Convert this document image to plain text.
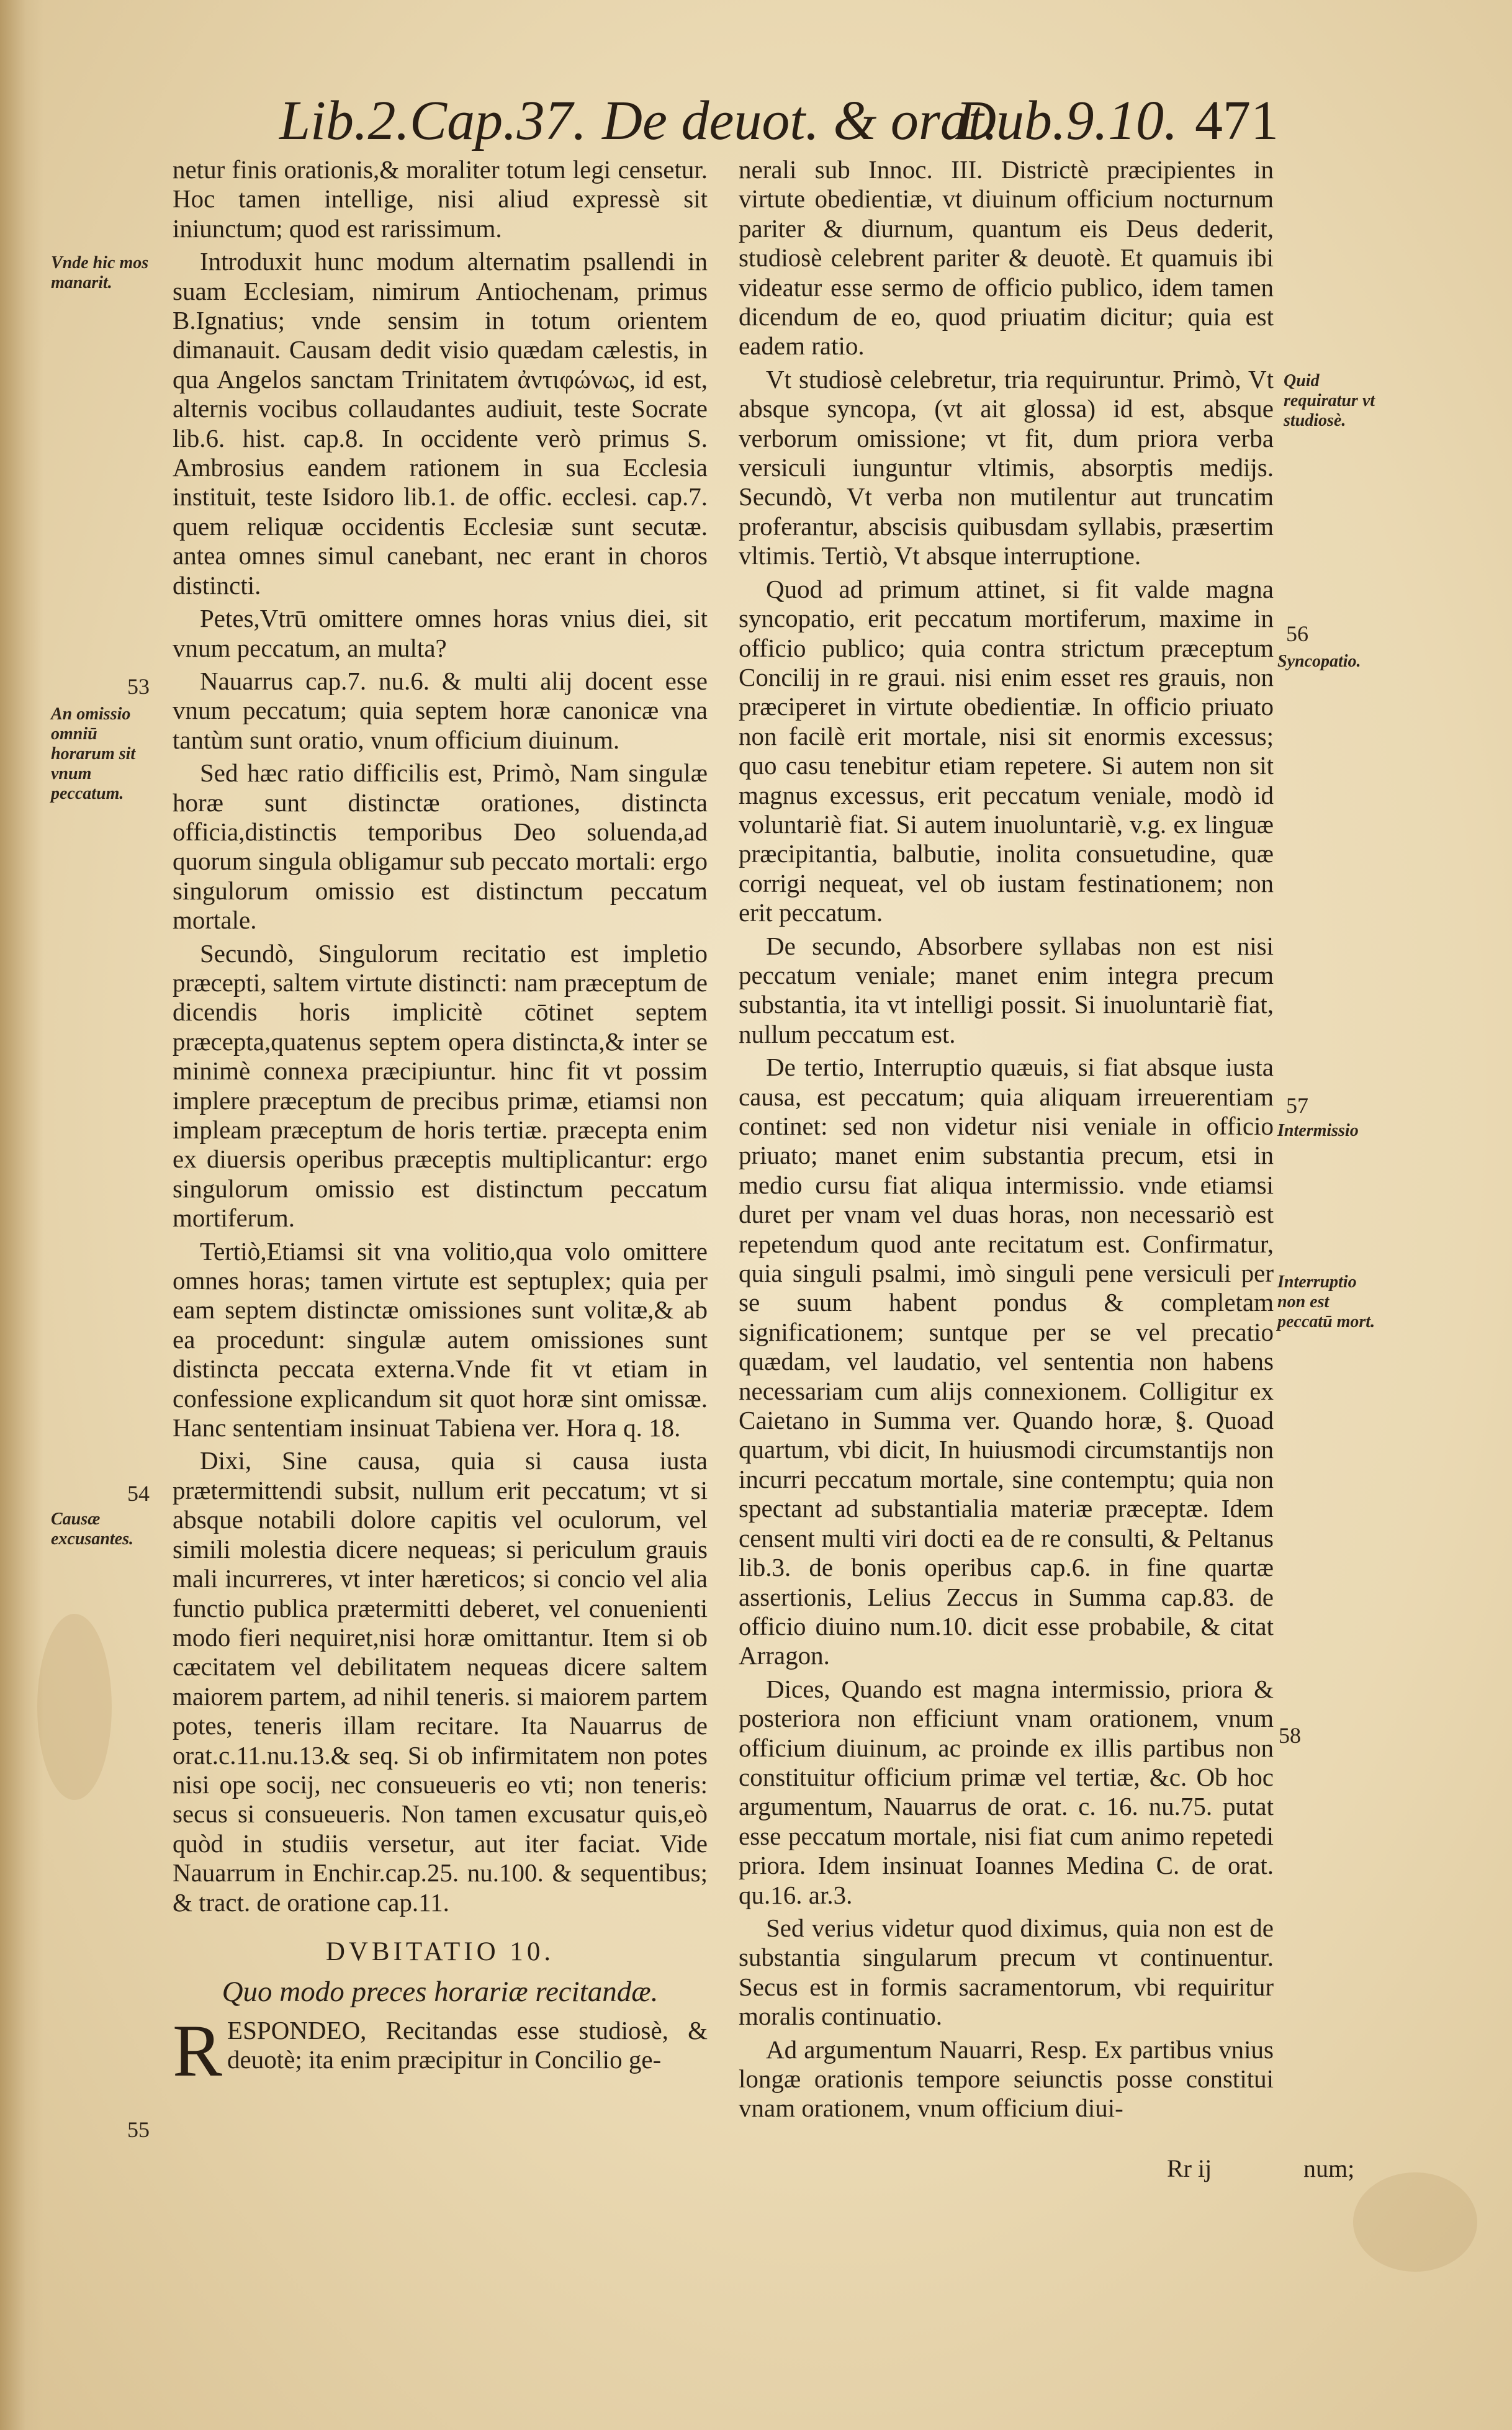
Lib.2.Cap.37. De deuot. & orat.
Dub.9.10. 471

netur finis orationis,& moraliter totum legi censetur. Hoc tamen intellige, nisi aliud expressè sit iniunctum; quod est rarissimum.

Introduxit hunc modum alternatim psallendi in suam Ecclesiam, nimirum Antiochenam, primus B.Ignatius; vnde sensim in totum orientem dimanauit. Causam dedit visio quædam cælestis, in qua Angelos sanctam Trinitatem ἀντιφώνως, id est, alternis vocibus collaudantes audiuit, teste Socrate lib.6. hist. cap.8. In occidente verò primus S. Ambrosius eandem rationem in sua Ecclesia instituit, teste Isidoro lib.1. de offic. ecclesi. cap.7. quem reliquæ occidentis Ecclesiæ sunt secutæ. antea omnes simul canebant, nec erant in choros distincti.

Petes,Vtrū omittere omnes horas vnius diei, sit vnum peccatum, an multa?

Nauarrus cap.7. nu.6. & multi alij docent esse vnum peccatum; quia septem horæ canonicæ vna tantùm sunt oratio, vnum officium diuinum.

Sed hæc ratio difficilis est, Primò, Nam singulæ horæ sunt distinctæ orationes, distincta officia,distinctis temporibus Deo soluenda,ad quorum singula obligamur sub peccato mortali: ergo singulorum omissio est distinctum peccatum mortale.

Secundò, Singulorum recitatio est impletio præcepti, saltem virtute distincti: nam præceptum de dicendis horis implicitè cōtinet septem præcepta,quatenus septem opera distincta,& inter se minimè connexa præcipiuntur. hinc fit vt possim implere præceptum de precibus primæ, etiamsi non impleam præceptum de horis tertiæ. præcepta enim ex diuersis operibus præceptis multiplicantur: ergo singulorum omissio est distinctum peccatum mortiferum.

Tertiò,Etiamsi sit vna volitio,qua volo omittere omnes horas; tamen virtute est septuplex; quia per eam septem distinctæ omissiones sunt volitæ,& ab ea procedunt: singulæ autem omissiones sunt distincta peccata externa.Vnde fit vt etiam in confessione explicandum sit quot horæ sint omissæ. Hanc sententiam insinuat Tabiena ver. Hora q. 18.

Dixi, Sine causa, quia si causa iusta prætermittendi subsit, nullum erit peccatum; vt si absque notabili dolore capitis vel oculorum, vel simili molestia dicere nequeas; si periculum grauis mali incurreres, vt inter hæreticos; si concio vel alia functio publica prætermitti deberet, vel conuenienti modo fieri nequiret,nisi horæ omittantur. Item si ob cæcitatem vel debilitatem nequeas dicere saltem maiorem partem, ad nihil teneris. si maiorem partem potes, teneris illam recitare. Ita Nauarrus de orat.c.11.nu.13.& seq. Si ob infirmitatem non potes nisi ope socij, nec consueueris eo vti; non teneris: secus si consueueris. Non tamen excusatur quis,eò quòd in studiis versetur, aut iter faciat. Vide Nauarrum in Enchir.cap.25. nu.100. & sequentibus; & tract. de oratione cap.11.

DVBITATIO 10.
Quo modo preces horariæ recitandæ.

R ESPONDEO, Recitandas esse studiosè, & deuotè; ita enim præcipitur in Concilio ge-

nerali sub Innoc. III. Districtè præcipientes in virtute obedientiæ, vt diuinum officium nocturnum pariter & diurnum, quantum eis Deus dederit, studiosè celebrent pariter & deuotè. Et quamuis ibi videatur esse sermo de officio publico, idem tamen dicendum de eo, quod priuatim dicitur; quia est eadem ratio.

Vt studiosè celebretur, tria requiruntur. Primò, Vt absque syncopa, (vt ait glossa) id est, absque verborum omissione; vt fit, dum priora verba versiculi iunguntur vltimis, absorptis medijs. Secundò, Vt verba non mutilentur aut truncatim proferantur, abscisis quibusdam syllabis, præsertim vltimis. Tertiò, Vt absque interruptione.

Quod ad primum attinet, si fit valde magna syncopatio, erit peccatum mortiferum, maxime in officio publico; quia contra strictum præceptum Concilij in re graui. nisi enim esset res grauis, non præciperet in virtute obedientiæ. In officio priuato non facilè erit mortale, nisi sit enormis excessus; quo casu tenebitur etiam repetere. Si autem non sit magnus excessus, erit peccatum veniale, modò id voluntariè fiat. Si autem inuoluntariè, v.g. ex linguæ præcipitantia, balbutie, inolita consuetudine, quæ corrigi nequeat, vel ob iustam festinationem; non erit peccatum.

De secundo, Absorbere syllabas non est nisi peccatum veniale; manet enim integra precum substantia, ita vt intelligi possit. Si inuoluntariè fiat, nullum peccatum est.

De tertio, Interruptio quæuis, si fiat absque iusta causa, est peccatum; quia aliquam irreuerentiam continet: sed non videtur nisi veniale in officio priuato; manet enim substantia precum, etsi in medio cursu fiat aliqua intermissio. vnde etiamsi duret per vnam vel duas horas, non necessariò est repetendum quod ante recitatum est. Confirmatur, quia singuli psalmi, imò singuli pene versiculi per se suum habent pondus & completam significationem; suntque per se vel precatio quædam, vel laudatio, vel sententia non habens necessariam cum alijs connexionem. Colligitur ex Caietano in Summa ver. Quando horæ, §. Quoad quartum, vbi dicit, In huiusmodi circumstantijs non incurri peccatum mortale, sine contemptu; quia non spectant ad substantialia materiæ præceptæ. Idem censent multi viri docti ea de re consulti, & Peltanus lib.3. de bonis operibus cap.6. in fine quartæ assertionis, Lelius Zeccus in Summa cap.83. de officio diuino num.10. dicit esse probabile, & citat Arragon.

Dices, Quando est magna intermissio, priora & posteriora non efficiunt vnam orationem, vnum officium diuinum, ac proinde ex illis partibus non constituitur officium primæ vel tertiæ, &c. Ob hoc argumentum, Nauarrus de orat. c. 16. nu.75. putat esse peccatum mortale, nisi fiat cum animo repetedi priora. Idem insinuat Ioannes Medina C. de orat. qu.16. ar.3.

Sed verius videtur quod diximus, quia non est de substantia singularum precum vt continuentur. Secus est in formis sacramentorum, vbi requiritur moralis continuatio.

Ad argumentum Nauarri, Resp. Ex partibus vnius longæ orationis tempore seiunctis posse constitui vnam orationem, vnum officium diui-

Vnde hic mos manarit.
53
An omissio omniū horarum sit vnum peccatum.
54
Causæ excusantes.
55
Quid requiratur vt studiosè.
56
Syncopatio.
57
Intermissio
Interruptio non est peccatū mort.
58
Rr ij	num;
